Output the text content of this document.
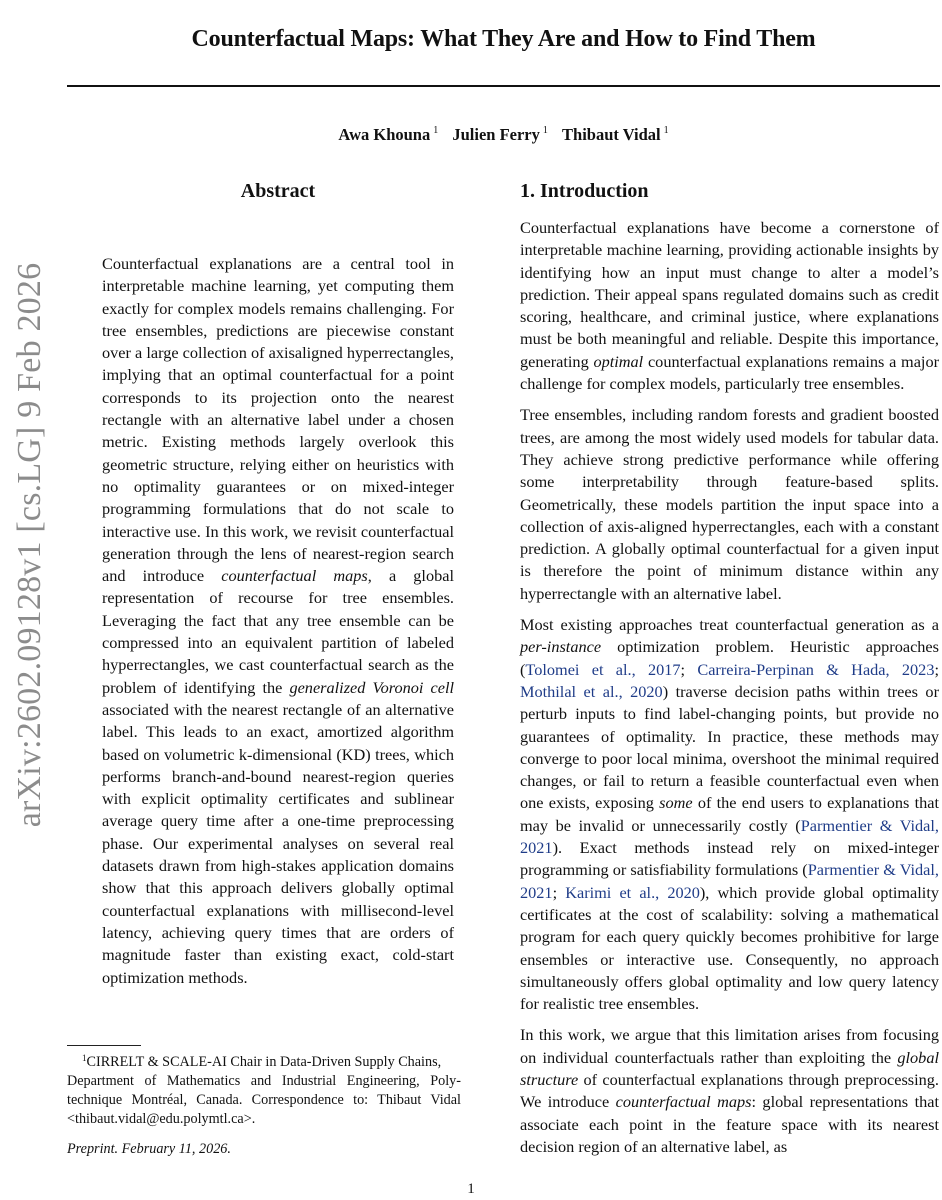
arXiv:2602.09128v1 [cs.LG] 9 Feb 2026
Counterfactual Maps: What They Are and How to Find Them
Awa Khouna $^1$ Julien Ferry $^1$ Thibaut Vidal $^1$
Abstract

Counterfactual explanations are a central tool in interpretable machine learning, yet computing them exactly for complex models remains challenging. For tree ensembles, predictions are piecewise constant over a large collection of axisaligned hyperrectangles, implying that an optimal counterfactual for a point corresponds to its projection onto the nearest rectangle with an alternative label under a chosen metric. Existing methods largely overlook this geometric structure, relying either on heuristics with no optimality guarantees or on mixed-integer programming formulations that do not scale to interactive use. In this work, we revisit counterfactual generation through the lens of nearest-region search and introduce counterfactual maps, a global representation of recourse for tree ensembles. Leveraging the fact that any tree ensemble can be compressed into an equivalent partition of labeled hyperrectangles, we cast counterfactual search as the problem of identifying the generalized Voronoi cell associated with the nearest rectangle of an alternative label. This leads to an exact, amortized algorithm based on volumetric k-dimensional (KD) trees, which performs branch-and-bound nearest-region queries with explicit optimality certificates and sublinear average query time after a one-time preprocessing phase. Our experimental analyses on several real datasets drawn from high-stakes application domains show that this approach delivers globally optimal counterfactual explanations with millisecond-level latency, achieving query times that are orders of magnitude faster than existing exact, cold-start optimization methods.

1. Introduction

Counterfactual explanations have become a cornerstone of interpretable machine learning, providing actionable insights by identifying how an input must change to alter a model’s prediction. Their appeal spans regulated domains such as credit scoring, healthcare, and criminal justice, where explanations must be both meaningful and reliable. Despite this importance, generating optimal counterfactual explanations remains a major challenge for complex models, particularly tree ensembles.

Tree ensembles, including random forests and gradient boosted trees, are among the most widely used models for tabular data. They achieve strong predictive performance while offering some interpretability through feature-based splits. Geometrically, these models partition the input space into a collection of axis-aligned hyperrectangles, each with a constant prediction. A globally optimal counterfactual for a given input is therefore the point of minimum distance within any hyperrectangle with an alternative label.

Most existing approaches treat counterfactual generation as a per-instance optimization problem. Heuristic approaches (Tolomei et al., 2017; Carreira-Perpinan & Hada, 2023; Mothilal et al., 2020) traverse decision paths within trees or perturb inputs to find label-changing points, but provide no guarantees of optimality. In practice, these methods may converge to poor local minima, overshoot the minimal required changes, or fail to return a feasible counterfactual even when one exists, exposing some of the end users to explanations that may be invalid or unnecessarily costly (Parmentier & Vidal, 2021). Exact methods instead rely on mixed-integer programming or satisfiability formulations (Parmentier & Vidal, 2021; Karimi et al., 2020), which provide global optimality certificates at the cost of scalability: solving a mathematical program for each query quickly becomes prohibitive for large ensembles or interactive use. Consequently, no approach simultaneously offers global optimality and low query latency for realistic tree ensembles.

In this work, we argue that this limitation arises from focusing on individual counterfactuals rather than exploiting the global structure of counterfactual explanations through preprocessing. We introduce counterfactual maps: global representations that associate each point in the feature space with its nearest decision region of an alternative label, as

$^1$CIRRELT & SCALE-AI Chair in Data-Driven Supply Chains,
Department of Mathematics and Industrial Engineering, Polytechnique Montréal, Canada. Correspondence to: Thibaut Vidal <thibaut.vidal@edu.polymtl.ca>.
Preprint. February 11, 2026.
1
